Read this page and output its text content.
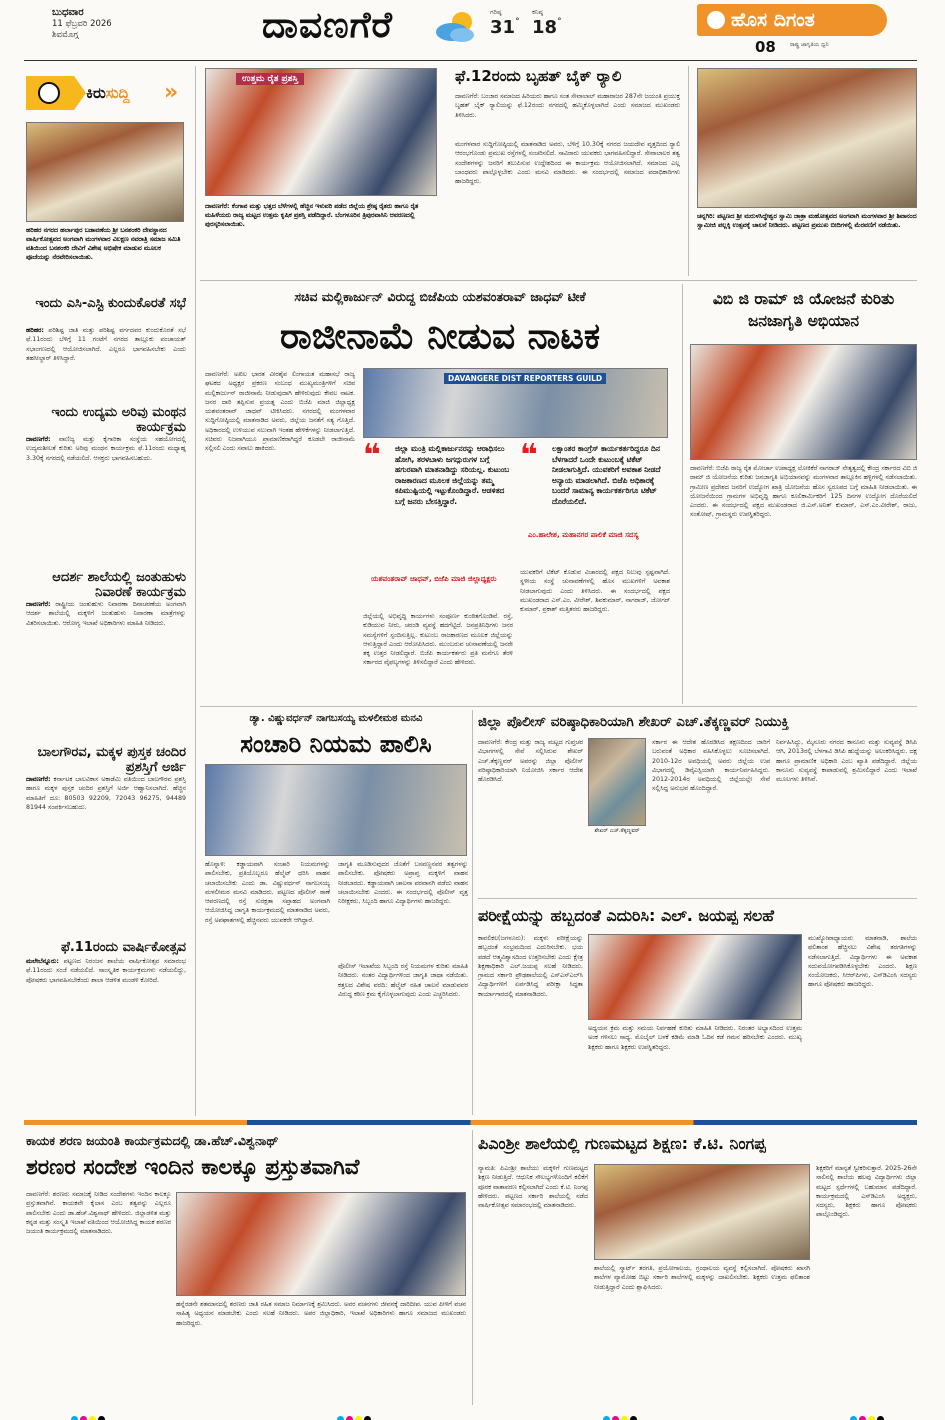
ಬುಧವಾರ
11 ಫೆಬ್ರವರಿ 2026
ಶಿವಮೊಗ್ಗ	ದಾವಣಗೆರೆ	ಗರಿಷ್ಠ
31°
ಕನಿಷ್ಠ
18°	ಹೊಸ ದಿಗಂತ
08	ರಾಷ್ಟ್ರ ಜಾಗೃತಿಯ ಧ್ವನಿ
ಕಿರುಸುದ್ದಿ	»
ಹರಿಹರ ನಗರದ ಹರ್ಲಾಪುರ ಬಡಾವಣೆಯ ಶ್ರೀ ಬನಶಂಕರಿ ದೇವಸ್ಥಾನದ ವಾರ್ಷಿಕೋತ್ಸವದ ಅಂಗವಾಗಿ ಮಂಗಳವಾರ ವಿಲಕ್ಷಣ ನವರಾತ್ರಿ ಸಮಾಜ ಸಮಿತಿ ವತಿಯಿಂದ ಬನಶಂಕರಿ ದೇವಿಗೆ ವಿಶೇಷ ಅಭಿಷೇಕ ಮಾಡುವ ಮೂಲಕ ಪೂಜೆಯನ್ನು ನೆರವೇರಿಸಲಾಯಿತು.
ಇಂದು ಎಸಿ-ಎಸ್ಟಿ ಕುಂದುಕೊರತೆ ಸಭೆ
ಹರಿಹರ: ಪರಿಶಿಷ್ಟ ಜಾತಿ ಮತ್ತು ಪರಿಶಿಷ್ಟ ವರ್ಗದವರ ಕುಂದುಕೊರತೆ ಸಭೆ ಫೆ.11ರಂದು ಬೆಳಿಗ್ಗೆ 11 ಗಂಟೆಗೆ ನಗರದ ತಾಲ್ಲೂಕು ಪಂಚಾಯತ್ ಸಭಾಂಗಣದಲ್ಲಿ ಆಯೋಜಿಸಲಾಗಿದೆ. ಎಲ್ಲರೂ ಭಾಗವಹಿಸಬೇಕು ಎಂದು ತಹಸೀಲ್ದಾರ್ ತಿಳಿಸಿದ್ದಾರೆ.
ಇಂದು ಉದ್ಯಮ ಅರಿವು ಮಂಥನ ಕಾರ್ಯಕ್ರಮ
ದಾವಣಗೆರೆ: ವಾಣಿಜ್ಯ ಮತ್ತು ಕೈಗಾರಿಕಾ ಸಂಸ್ಥೆಯ ಸಹಯೋಗದಲ್ಲಿ ಉದ್ಯಮಶೀಲತೆ ಕುರಿತು ಅರಿವು ಮಂಥನ ಕಾರ್ಯಕ್ರಮ ಫೆ.11ರಂದು ಮಧ್ಯಾಹ್ನ 3.30ಕ್ಕೆ ನಗರದಲ್ಲಿ ನಡೆಯಲಿದೆ. ಆಸಕ್ತರು ಭಾಗವಹಿಸಬಹುದು.
ಆದರ್ಶ ಶಾಲೆಯಲ್ಲಿ ಜಂತುಹುಳು ನಿವಾರಣೆ ಕಾರ್ಯಕ್ರಮ
ದಾವಣಗೆರೆ: ರಾಷ್ಟ್ರೀಯ ಜಂತುಹುಳು ನಿವಾರಣಾ ದಿನಾಚರಣೆಯ ಅಂಗವಾಗಿ ಆದರ್ಶ ಶಾಲೆಯಲ್ಲಿ ಮಕ್ಕಳಿಗೆ ಜಂತುಹುಳು ನಿವಾರಣಾ ಮಾತ್ರೆಗಳನ್ನು ವಿತರಿಸಲಾಯಿತು. ಆರೋಗ್ಯ ಇಲಾಖೆ ಅಧಿಕಾರಿಗಳು ಮಾಹಿತಿ ನೀಡಿದರು.
ಬಾಲಗೌರವ, ಮಕ್ಕಳ ಪುಸ್ತಕ ಚಂದಿರ ಪ್ರಶಸ್ತಿಗೆ ಅರ್ಜಿ
ದಾವಣಗೆರೆ: ಕರ್ನಾಟಕ ಬಾಲವಿಕಾಸ ಅಕಾಡೆಮಿ ವತಿಯಿಂದ ಬಾಲಗೌರವ ಪ್ರಶಸ್ತಿ ಹಾಗೂ ಮಕ್ಕಳ ಪುಸ್ತಕ ಚಂದಿರ ಪ್ರಶಸ್ತಿಗೆ ಅರ್ಜಿ ಆಹ್ವಾನಿಸಲಾಗಿದೆ. ಹೆಚ್ಚಿನ ಮಾಹಿತಿಗೆ ದೂ: 80503 92209, 72043 96275, 94489 81944 ಸಂಪರ್ಕಿಸಬಹುದು.
ಫೆ.11ರಂದು ವಾರ್ಷಿಕೋತ್ಸವ
ಮಲೇಬೆನ್ನೂರು: ಪಟ್ಟಣದ ನಿರಂಜನ ಶಾಲೆಯ ವಾರ್ಷಿಕೋತ್ಸವ ಸಮಾರಂಭ ಫೆ.11ರಂದು ಸಂಜೆ ನಡೆಯಲಿದೆ. ಸಾಂಸ್ಕೃತಿಕ ಕಾರ್ಯಕ್ರಮಗಳು ನಡೆಯಲಿದ್ದು, ಪೋಷಕರು ಭಾಗವಹಿಸಬೇಕೆಂದು ಶಾಲಾ ಆಡಳಿತ ಮಂಡಳಿ ಕೋರಿದೆ.
ಉತ್ತಮ ರೈತ ಪ್ರಶಸ್ತಿ
ದಾವಣಗೆರೆ: ಕೆಂಗಾಪ ಮತ್ತು ಭತ್ತದ ಬೆಳೆಗಳಲ್ಲಿ ಹೆಚ್ಚಿನ ಇಳುವರಿ ಪಡೆದ ಜಿಲ್ಲೆಯ ಶ್ರೇಷ್ಠ ರೈತರು ಹಾಗೂ ರೈತ ಮಹಿಳೆಯರು ರಾಜ್ಯ ಮಟ್ಟದ ಉತ್ತಮ ಕೃಷಿಕ ಪ್ರಶಸ್ತಿ ಪಡೆದಿದ್ದಾರೆ. ಬೆಂಗಳೂರಿನ ತ್ರಿಪುರವಾಸಿನಿ ಆವರಣದಲ್ಲಿ ಪುರಸ್ಕರಿಸಲಾಯಿತು.
ಫೆ.12ರಂದು ಬೃಹತ್ ಬೈಕ್ ರ‍್ಯಾಲಿ
ದಾವಣಗೆರೆ: ಬಂಜಾರ ಸಮಾಜದ ಹಿರಿಯರು ಹಾಗೂ ಸಂತ ಸೇವಾಲಾಲ್ ಮಹಾರಾಜರ 287ನೇ ಜಯಂತಿ ಪ್ರಯುಕ್ತ ಬೃಹತ್ ಬೈಕ್ ರ‍್ಯಾಲಿಯನ್ನು ಫೆ.12ರಂದು ನಗರದಲ್ಲಿ ಹಮ್ಮಿಕೊಳ್ಳಲಾಗಿದೆ ಎಂದು ಸಮಾಜದ ಮುಖಂಡರು ತಿಳಿಸಿದರು.
ಮಂಗಳವಾರ ಸುದ್ದಿಗೋಷ್ಠಿಯಲ್ಲಿ ಮಾತನಾಡಿದ ಅವರು, ಬೆಳಿಗ್ಗೆ 10.30ಕ್ಕೆ ನಗರದ ಜಯದೇವ ವೃತ್ತದಿಂದ ರ‍್ಯಾಲಿ ಆರಂಭಗೊಂಡು ಪ್ರಮುಖ ರಸ್ತೆಗಳಲ್ಲಿ ಸಂಚರಿಸಲಿದೆ. ಸಾವಿರಾರು ಯುವಕರು ಭಾಗವಹಿಸಲಿದ್ದಾರೆ. ಸೇವಾಲಾಲರ ತತ್ವ ಸಂದೇಶಗಳನ್ನು ಜನರಿಗೆ ತಲುಪಿಸುವ ಉದ್ದೇಶದಿಂದ ಈ ಕಾರ್ಯಕ್ರಮ ಆಯೋಜಿಸಲಾಗಿದೆ. ಸಮಾಜದ ಎಲ್ಲ ಬಾಂಧವರು ಪಾಲ್ಗೊಳ್ಳಬೇಕು ಎಂದು ಮನವಿ ಮಾಡಿದರು. ಈ ಸಂದರ್ಭದಲ್ಲಿ ಸಮಾಜದ ಪದಾಧಿಕಾರಿಗಳು ಹಾಜರಿದ್ದರು.
ಚನ್ನಗಿರಿ: ಪಟ್ಟಣದ ಶ್ರೀ ಮರುಳಸಿದ್ಧೇಶ್ವರ ಸ್ವಾಮಿ ಜಾತ್ರಾ ಮಹೋತ್ಸವದ ಅಂಗವಾಗಿ ಮಂಗಳವಾರ ಶ್ರೀ ಶಿವಾನಂದ ಸ್ವಾಮೀಜಿ ಪಲ್ಲಕ್ಕಿ ಉತ್ಸವಕ್ಕೆ ಚಾಲನೆ ನೀಡಿದರು. ಪಟ್ಟಣದ ಪ್ರಮುಖ ಬೀದಿಗಳಲ್ಲಿ ಮೆರವಣಿಗೆ ನಡೆಯಿತು.
ಸಚಿವ ಮಲ್ಲಿಕಾರ್ಜುನ್ ವಿರುದ್ಧ ಬಿಜೆಪಿಯ ಯಶವಂತರಾವ್ ಜಾಧವ್ ಟೀಕೆ
ರಾಜೀನಾಮೆ ನೀಡುವ ನಾಟಕ
ದಾವಣಗೆರೆ: ಅಖಿಲ ಭಾರತ ವೀರಶೈವ ಲಿಂಗಾಯತ ಮಹಾಸಭೆ ರಾಜ್ಯ ಘಟಕದ ಅಧ್ಯಕ್ಷರ ಪ್ರಕರಣ ಸಂಬಂಧ ಮುಖ್ಯಮಂತ್ರಿಗಳಿಗೆ ಸಚಿವ ಮಲ್ಲಿಕಾರ್ಜುನ್ ರಾಜೀನಾಮೆ ನೀಡುವುದಾಗಿ ಹೇಳಿರುವುದು ಕೇವಲ ನಾಟಕ. ಜನರ ದಾರಿ ತಪ್ಪಿಸುವ ಪ್ರಯತ್ನ ಎಂದು ಬಿಜೆಪಿ ಮಾಜಿ ಜಿಲ್ಲಾಧ್ಯಕ್ಷ ಯಶವಂತರಾವ್ ಜಾಧವ್ ಟೀಕಿಸಿದರು. ನಗರದಲ್ಲಿ ಮಂಗಳವಾರ ಸುದ್ದಿಗೋಷ್ಠಿಯಲ್ಲಿ ಮಾತನಾಡಿದ ಅವರು, ಜಿಲ್ಲೆಯ ಜನತೆಗೆ ಸತ್ಯ ಗೊತ್ತಿದೆ. ಅಧಿಕಾರದಲ್ಲಿ ಉಳಿಯುವ ಸಲುವಾಗಿ ಇಂತಹ ಹೇಳಿಕೆಗಳನ್ನು ನೀಡಲಾಗುತ್ತಿದೆ. ಸಚಿವರು ನಿಜವಾಗಿಯೂ ಪ್ರಾಮಾಣಿಕರಾಗಿದ್ದರೆ ಕೂಡಲೇ ರಾಜೀನಾಮೆ ಸಲ್ಲಿಸಲಿ ಎಂದು ಸವಾಲು ಹಾಕಿದರು.
DAVANGERE DIST REPORTERS GUILD
❝	ಜಿಲ್ಲಾ ಮಂತ್ರಿ ಮಲ್ಲಿಕಾರ್ಜುನರನ್ನು ಆರಾಧಿಸಲು ಹೋಗಿ, ತರಳಬಾಳು ಜಗದ್ಗುರುಗಳ ಬಗ್ಗೆ ಹಗುರವಾಗಿ ಮಾತನಾಡಿದ್ದು ಸರಿಯಲ್ಲ. ಕುಟುಂಬ ರಾಜಕಾರಣದ ಮೂಲಕ ಜಿಲ್ಲೆಯನ್ನು ತಮ್ಮ ಕಪಿಮುಷ್ಟಿಯಲ್ಲಿ ಇಟ್ಟುಕೊಂಡಿದ್ದಾರೆ. ಆಡಳಿತದ ಬಗ್ಗೆ ಜನರು ಬೇಸತ್ತಿದ್ದಾರೆ.
ಯಶವಂತರಾವ್ ಜಾಧವ್, ಬಿಜೆಪಿ ಮಾಜಿ ಜಿಲ್ಲಾಧ್ಯಕ್ಷರು
❝	ಲಕ್ಷಾಂತರ ಕಾಂಗ್ರೆಸ್ ಕಾರ್ಯಕರ್ತರಿದ್ದರೂ ದಿನ ಬೆಳಗಾದರೆ ಒಂದೇ ಕುಟುಂಬಕ್ಕೆ ಟಿಕೆಟ್ ನೀಡಲಾಗುತ್ತಿದೆ. ಯುವಕರಿಗೆ ಅವಕಾಶ ನೀಡದೆ ಅನ್ಯಾಯ ಮಾಡಲಾಗಿದೆ. ಬಿಜೆಪಿ ಅಧಿಕಾರಕ್ಕೆ ಬಂದರೆ ಸಾಮಾನ್ಯ ಕಾರ್ಯಕರ್ತರಿಗೂ ಟಿಕೆಟ್ ದೊರೆಯಲಿದೆ.
ಎಂ.ಹಾಲೇಶ, ಮಹಾನಗರ ಪಾಲಿಕೆ ಮಾಜಿ ಸದಸ್ಯ
ಜಿಲ್ಲೆಯಲ್ಲಿ ಅಭಿವೃದ್ಧಿ ಕಾರ್ಯಗಳು ಸಂಪೂರ್ಣ ಕುಂಠಿತಗೊಂಡಿವೆ. ರಸ್ತೆ, ಕುಡಿಯುವ ನೀರು, ಚರಂಡಿ ವ್ಯವಸ್ಥೆ ಹದಗೆಟ್ಟಿದೆ. ಜನಪ್ರತಿನಿಧಿಗಳು ಜನರ ಸಮಸ್ಯೆಗಳಿಗೆ ಸ್ಪಂದಿಸುತ್ತಿಲ್ಲ. ಕುಟುಂಬ ರಾಜಕಾರಣದ ಮೂಲಕ ಜಿಲ್ಲೆಯನ್ನು ಆಳುತ್ತಿದ್ದಾರೆ ಎಂದು ಆರೋಪಿಸಿದರು. ಮುಂಬರುವ ಚುನಾವಣೆಯಲ್ಲಿ ಜನರೇ ತಕ್ಕ ಉತ್ತರ ನೀಡಲಿದ್ದಾರೆ. ಬಿಜೆಪಿ ಕಾರ್ಯಕರ್ತರು ಪ್ರತಿ ಮನೆಗೂ ತೆರಳಿ ಸರ್ಕಾರದ ವೈಫಲ್ಯಗಳನ್ನು ತಿಳಿಸಲಿದ್ದಾರೆ ಎಂದು ಹೇಳಿದರು.
ಯುವಕರಿಗೆ ಟಿಕೆಟ್ ಕೊಡುವ ವಿಚಾರದಲ್ಲಿ ಪಕ್ಷದ ನಿಲುವು ಸ್ಪಷ್ಟವಾಗಿದೆ. ಸ್ಥಳೀಯ ಸಂಸ್ಥೆ ಚುನಾವಣೆಗಳಲ್ಲಿ ಹೊಸ ಮುಖಗಳಿಗೆ ಅವಕಾಶ ನೀಡಲಾಗುವುದು ಎಂದು ತಿಳಿಸಿದರು. ಈ ಸಂದರ್ಭದಲ್ಲಿ ಪಕ್ಷದ ಮುಖಂಡರಾದ ಎಸ್.ಎಂ. ವೀರೇಶ್, ಶಿವಕುಮಾರ್, ನಾಗರಾಜ್, ಜೋಗರ್ ಕುಮಾರ್, ಪ್ರಕಾಶ್ ಮತ್ತಿತರರು ಹಾಜರಿದ್ದರು.
ವಿಬಿ ಜಿ ರಾಮ್ ಜಿ ಯೋಜನೆ ಕುರಿತು ಜನಜಾಗೃತಿ ಅಭಿಯಾನ
ದಾವಣಗೆರೆ: ಬಿಜೆಪಿ ರಾಜ್ಯ ರೈತ ಮೋರ್ಚಾ ಉಪಾಧ್ಯಕ್ಷ ಲೋಕಿಕೆರೆ ನಾಗರಾಜ್ ನೇತೃತ್ವದಲ್ಲಿ ಕೇಂದ್ರ ಸರ್ಕಾರದ ವಿಬಿ ಜಿ ರಾಮ್ ಜಿ ಯೋಜನೆಯ ಕುರಿತು ಜನಜಾಗೃತಿ ಅಭಿಯಾನವನ್ನು ಮಂಗಳವಾರ ತಾಲ್ಲೂಕಿನ ಹಳ್ಳಿಗಳಲ್ಲಿ ನಡೆಸಲಾಯಿತು. ಗ್ರಾಮೀಣ ಪ್ರದೇಶದ ಜನರಿಗೆ ಉದ್ಯೋಗ ಖಾತ್ರಿ ಯೋಜನೆಯ ಹೊಸ ಸ್ವರೂಪದ ಬಗ್ಗೆ ಮಾಹಿತಿ ನೀಡಲಾಯಿತು. ಈ ಯೋಜನೆಯಿಂದ ಗ್ರಾಮಗಳ ಅಭಿವೃದ್ಧಿ ಹಾಗೂ ಕೂಲಿಕಾರ್ಮಿಕರಿಗೆ 125 ದಿನಗಳ ಉದ್ಯೋಗ ದೊರೆಯಲಿದೆ ಎಂದರು. ಈ ಸಂದರ್ಭದಲ್ಲಿ ಪಕ್ಷದ ಮುಖಂಡರಾದ ಜಿ.ಎಸ್.ಅನಿತ್ ಕುಮಾರ್, ಎಸ್.ಎಂ.ವೀರೇಶ್, ರಾಜು, ಸಂತೋಷ್, ಗ್ರಾಮಸ್ಥರು ಉಪಸ್ಥಿತರಿದ್ದರು.
ಡ್ಯಾ. ವಿಷ್ಣುವರ್ಧನ್ ನಾಗಬಸಯ್ಯ ಮಳಲೀಮಠ ಮನವಿ
ಸಂಚಾರಿ ನಿಯಮ ಪಾಲಿಸಿ
ಹೊನ್ನಾಳಿ: ಕಡ್ಡಾಯವಾಗಿ ಸಂಚಾರಿ ನಿಯಮಗಳನ್ನು ಪಾಲಿಸಬೇಕು, ಪ್ರತಿಯೊಬ್ಬರೂ ಹೆಲ್ಮೆಟ್ ಧರಿಸಿ ವಾಹನ ಚಲಾಯಿಸಬೇಕು ಎಂದು ಡಾ. ವಿಷ್ಣುವರ್ಧನ್ ನಾಗಬಸಯ್ಯ ಮಳಲೀಮಠ ಮನವಿ ಮಾಡಿದರು. ಪಟ್ಟಣದ ಪೊಲೀಸ್ ಠಾಣೆ ಆವರಣದಲ್ಲಿ ರಸ್ತೆ ಸುರಕ್ಷತಾ ಸಪ್ತಾಹದ ಅಂಗವಾಗಿ ಆಯೋಜಿಸಿದ್ದ ಜಾಗೃತಿ ಕಾರ್ಯಕ್ರಮದಲ್ಲಿ ಮಾತನಾಡಿದ ಅವರು, ರಸ್ತೆ ಅಪಘಾತಗಳಲ್ಲಿ ಹೆಚ್ಚಿನವರು ಯುವಕರೇ ಆಗಿದ್ದಾರೆ.
ಜಾಗೃತಿ ಮೂಡಿಸುವುದರ ಜೊತೆಗೆ ಬಸವಣ್ಣನವರ ತತ್ವಗಳನ್ನು ಪಾಲಿಸಬೇಕು. ಪೋಷಕರು ಅಪ್ರಾಪ್ತ ಮಕ್ಕಳಿಗೆ ವಾಹನ ನೀಡಬಾರದು. ಕಡ್ಡಾಯವಾಗಿ ಚಾಲನಾ ಪರವಾನಗಿ ಪಡೆದು ವಾಹನ ಚಲಾಯಿಸಬೇಕು ಎಂದರು. ಈ ಸಂದರ್ಭದಲ್ಲಿ ಪೊಲೀಸ್ ವೃತ್ತ ನಿರೀಕ್ಷಕರು, ಸಿಬ್ಬಂದಿ ಹಾಗೂ ವಿದ್ಯಾರ್ಥಿಗಳು ಹಾಜರಿದ್ದರು.
ಪೊಲೀಸ್ ಇಲಾಖೆಯ ಸಿಬ್ಬಂದಿ ರಸ್ತೆ ನಿಯಮಗಳ ಕುರಿತು ಮಾಹಿತಿ ನೀಡಿದರು. ನಂತರ ವಿದ್ಯಾರ್ಥಿಗಳಿಂದ ಜಾಗೃತಿ ಜಾಥಾ ನಡೆಯಿತು. ಕತ್ತಲದ ವಿಶೇಷ ವರದಿ: ಹೆಲ್ಮೆಟ್ ರಹಿತ ಚಾಲನೆ ಮಾಡುವವರ ವಿರುದ್ಧ ಕಠಿಣ ಕ್ರಮ ಕೈಗೊಳ್ಳಲಾಗುವುದು ಎಂದು ಎಚ್ಚರಿಸಿದರು.
ಜಿಲ್ಲಾ ಪೊಲೀಸ್ ವರಿಷ್ಠಾಧಿಕಾರಿಯಾಗಿ ಶೇಖರ್ ಎಚ್.ತೆಕ್ಕಣ್ಣವರ್ ನಿಯುಕ್ತಿ
ದಾವಣಗೆರೆ: ಕೇಂದ್ರ ಮತ್ತು ರಾಜ್ಯ ಮಟ್ಟದ ಗುಪ್ತಚರ ವಿಭಾಗಗಳಲ್ಲಿ ಸೇವೆ ಸಲ್ಲಿಸಿರುವ ಶೇಖರ್ ಎಚ್.ತೆಕ್ಕಣ್ಣವರ್ ಅವರನ್ನು ಜಿಲ್ಲಾ ಪೊಲೀಸ್ ವರಿಷ್ಠಾಧಿಕಾರಿಯಾಗಿ ನಿಯೋಜಿಸಿ ಸರ್ಕಾರ ಆದೇಶ ಹೊರಡಿಸಿದೆ.
ಶೇಖರ್ ಎಚ್.ತೆಕ್ಕಣ್ಣವರ್
ಸರ್ಕಾರ ಈ ಆದೇಶ ಹೊರಡಿಸಿದ ತಕ್ಷಣದಿಂದ ಜಾರಿಗೆ ಬರುವಂತೆ ಅಧಿಕಾರ ವಹಿಸಿಕೊಳ್ಳಲು ಸೂಚಿಸಲಾಗಿದೆ. 2010-12ರ ಅವಧಿಯಲ್ಲಿ ಅವರು ಜಿಲ್ಲೆಯ ಉಪ ವಿಭಾಗದಲ್ಲಿ ಡಿವೈಎಸ್ಪಿಯಾಗಿ ಕಾರ್ಯನಿರ್ವಹಿಸಿದ್ದರು. 2012-2014ರ ಅವಧಿಯಲ್ಲಿ ಜಿಲ್ಲೆಯಲ್ಲೇ ಸೇವೆ ಸಲ್ಲಿಸಿದ್ದ ಅನುಭವ ಹೊಂದಿದ್ದಾರೆ.
ನಿರ್ವಹಿಸಿದ್ದು, ಮೈಸೂರು ನಗರದ ಕಾನೂನು ಮತ್ತು ಸುವ್ಯವಸ್ಥೆ ಡಿಸಿಪಿ ಆಗಿ, 2013ರಲ್ಲಿ ಬೆಳಗಾವಿ ಡಿಸಿಪಿ ಹುದ್ದೆಯನ್ನು ಅಲಂಕರಿಸಿದ್ದರು. ದಕ್ಷ ಹಾಗೂ ಪ್ರಾಮಾಣಿಕ ಅಧಿಕಾರಿ ಎಂಬ ಖ್ಯಾತಿ ಪಡೆದಿದ್ದಾರೆ. ಜಿಲ್ಲೆಯ ಕಾನೂನು ಸುವ್ಯವಸ್ಥೆ ಕಾಪಾಡುವಲ್ಲಿ ಶ್ರಮಿಸಲಿದ್ದಾರೆ ಎಂದು ಇಲಾಖೆ ಮೂಲಗಳು ತಿಳಿಸಿವೆ.
ಪರೀಕ್ಷೆಯನ್ನು ಹಬ್ಬದಂತೆ ಎದುರಿಸಿ: ಎಲ್. ಜಯಪ್ಪ ಸಲಹೆ
ಕಾವಲಿಕಲ(ಜಗಳೂರು): ಮಕ್ಕಳು ಪರೀಕ್ಷೆಯನ್ನು ಹಬ್ಬದಂತೆ ಸಂಭ್ರಮದಿಂದ ಎದುರಿಸಬೇಕು. ಭಯ ಪಡದೆ ಆತ್ಮವಿಶ್ವಾಸದಿಂದ ಉತ್ತರಿಸಬೇಕು ಎಂದು ಕ್ಷೇತ್ರ ಶಿಕ್ಷಣಾಧಿಕಾರಿ ಎಲ್.ಜಯಪ್ಪ ಸಲಹೆ ನೀಡಿದರು. ಗ್ರಾಮದ ಸರ್ಕಾರಿ ಪ್ರೌಢಶಾಲೆಯಲ್ಲಿ ಎಸ್ಎಸ್ಎಲ್‌ಸಿ ವಿದ್ಯಾರ್ಥಿಗಳಿಗೆ ಏರ್ಪಡಿಸಿದ್ದ ಪರೀಕ್ಷಾ ಸಿದ್ಧತಾ ಕಾರ್ಯಾಗಾರದಲ್ಲಿ ಮಾತನಾಡಿದರು.
ಅಧ್ಯಯನ ಕ್ರಮ ಮತ್ತು ಸಮಯ ನಿರ್ವಹಣೆ ಕುರಿತು ಮಾಹಿತಿ ನೀಡಿದರು. ನಿರಂತರ ಅಭ್ಯಾಸದಿಂದ ಉತ್ತಮ ಅಂಕ ಗಳಿಸಲು ಸಾಧ್ಯ. ಮೊಬೈಲ್ ಬಳಕೆ ಕಡಿಮೆ ಮಾಡಿ ಓದಿನ ಕಡೆ ಗಮನ ಹರಿಸಬೇಕು ಎಂದರು. ಮುಖ್ಯ ಶಿಕ್ಷಕರು ಹಾಗೂ ಶಿಕ್ಷಕರು ಉಪಸ್ಥಿತರಿದ್ದರು.
ಮುಖ್ಯೋಪಾಧ್ಯಾಯರು ಮಾತನಾಡಿ, ಶಾಲೆಯ ಫಲಿತಾಂಶ ಹೆಚ್ಚಿಸಲು ವಿಶೇಷ ತರಗತಿಗಳನ್ನು ನಡೆಸಲಾಗುತ್ತಿದೆ. ವಿದ್ಯಾರ್ಥಿಗಳು ಈ ಅವಕಾಶ ಸದುಪಯೋಗಪಡಿಸಿಕೊಳ್ಳಬೇಕು ಎಂದರು. ಶಿಕ್ಷಣ ಸಂಯೋಜಕರು, ಸಿಆರ್‌ಪಿಗಳು, ಎಸ್‌ಡಿಎಂಸಿ ಸದಸ್ಯರು ಹಾಗೂ ಪೋಷಕರು ಹಾಜರಿದ್ದರು.
ಕಾಯಕ ಶರಣ ಜಯಂತಿ ಕಾರ್ಯಕ್ರಮದಲ್ಲಿ ಡಾ.ಹೆಚ್.ವಿಶ್ವನಾಥ್
ಶರಣರ ಸಂದೇಶ ಇಂದಿನ ಕಾಲಕ್ಕೂ ಪ್ರಸ್ತುತವಾಗಿವೆ
ದಾವಣಗೆರೆ: ಶರಣರು ಸಮಾಜಕ್ಕೆ ನೀಡಿದ ಸಂದೇಶಗಳು ಇಂದಿನ ಕಾಲಕ್ಕೂ ಪ್ರಸ್ತುತವಾಗಿವೆ. ಕಾಯಕವೇ ಕೈಲಾಸ ಎಂಬ ತತ್ವವನ್ನು ಎಲ್ಲರೂ ಪಾಲಿಸಬೇಕು ಎಂದು ಡಾ.ಹೆಚ್.ವಿಶ್ವನಾಥ್ ಹೇಳಿದರು. ಜಿಲ್ಲಾಡಳಿತ ಮತ್ತು ಕನ್ನಡ ಮತ್ತು ಸಂಸ್ಕೃತಿ ಇಲಾಖೆ ವತಿಯಿಂದ ಆಯೋಜಿಸಿದ್ದ ಕಾಯಕ ಶರಣರ ಜಯಂತಿ ಕಾರ್ಯಕ್ರಮದಲ್ಲಿ ಮಾತನಾಡಿದರು.
ಹನ್ನೆರಡನೇ ಶತಮಾನದಲ್ಲಿ ಶರಣರು ಜಾತಿ ರಹಿತ ಸಮಾಜ ನಿರ್ಮಾಣಕ್ಕೆ ಶ್ರಮಿಸಿದರು. ಅವರ ವಚನಗಳು ಜೀವನಕ್ಕೆ ದಾರಿದೀಪ. ಯುವ ಪೀಳಿಗೆ ವಚನ ಸಾಹಿತ್ಯ ಅಧ್ಯಯನ ಮಾಡಬೇಕು ಎಂದು ಸಲಹೆ ನೀಡಿದರು. ಅಪರ ಜಿಲ್ಲಾಧಿಕಾರಿ, ಇಲಾಖೆ ಅಧಿಕಾರಿಗಳು ಹಾಗೂ ಸಮಾಜದ ಮುಖಂಡರು ಹಾಜರಿದ್ದರು.
ಪಿಎಂಶ್ರೀ ಶಾಲೆಯಲ್ಲಿ ಗುಣಮಟ್ಟದ ಶಿಕ್ಷಣ: ಕೆ.ಟಿ. ನಿಂಗಪ್ಪ
ನ್ಯಾಮತಿ: ಪಿಎಂಶ್ರೀ ಶಾಲೆಯು ಮಕ್ಕಳಿಗೆ ಗುಣಮಟ್ಟದ ಶಿಕ್ಷಣ ನೀಡುತ್ತಿದೆ. ಆಧುನಿಕ ಸೌಲಭ್ಯಗಳೊಂದಿಗೆ ಕಲಿಕೆಗೆ ಪೂರಕ ವಾತಾವರಣ ಕಲ್ಪಿಸಲಾಗಿದೆ ಎಂದು ಕೆ.ಟಿ. ನಿಂಗಪ್ಪ ಹೇಳಿದರು. ಪಟ್ಟಣದ ಸರ್ಕಾರಿ ಶಾಲೆಯಲ್ಲಿ ನಡೆದ ವಾರ್ಷಿಕೋತ್ಸವ ಸಮಾರಂಭದಲ್ಲಿ ಮಾತನಾಡಿದರು.
ಶಾಲೆಯಲ್ಲಿ ಸ್ಮಾರ್ಟ್ ತರಗತಿ, ಪ್ರಯೋಗಾಲಯ, ಗ್ರಂಥಾಲಯ ವ್ಯವಸ್ಥೆ ಕಲ್ಪಿಸಲಾಗಿದೆ. ಪೋಷಕರು ಖಾಸಗಿ ಶಾಲೆಗಳ ವ್ಯಾಮೋಹ ಬಿಟ್ಟು ಸರ್ಕಾರಿ ಶಾಲೆಗಳಲ್ಲಿ ಮಕ್ಕಳನ್ನು ದಾಖಲಿಸಬೇಕು. ಶಿಕ್ಷಕರು ಉತ್ತಮ ಫಲಿತಾಂಶ ನೀಡುತ್ತಿದ್ದಾರೆ ಎಂದು ಶ್ಲಾಘಿಸಿದರು.
ಶಿಕ್ಷಕರಿಗೆ ಮಾನ್ಯತೆ ಸ್ವೀಕರಿಸುತ್ತಾರೆ. 2025-26ನೇ ಸಾಲಿನಲ್ಲಿ ಶಾಲೆಯ ಹಲವು ವಿದ್ಯಾರ್ಥಿಗಳು ಜಿಲ್ಲಾ ಮಟ್ಟದ ಸ್ಪರ್ಧೆಗಳಲ್ಲಿ ಬಹುಮಾನ ಪಡೆದಿದ್ದಾರೆ. ಕಾರ್ಯಕ್ರಮದಲ್ಲಿ ಎಸ್‌ಡಿಎಂಸಿ ಅಧ್ಯಕ್ಷರು, ಸದಸ್ಯರು, ಶಿಕ್ಷಕರು ಹಾಗೂ ಪೋಷಕರು ಪಾಲ್ಗೊಂಡಿದ್ದರು.
